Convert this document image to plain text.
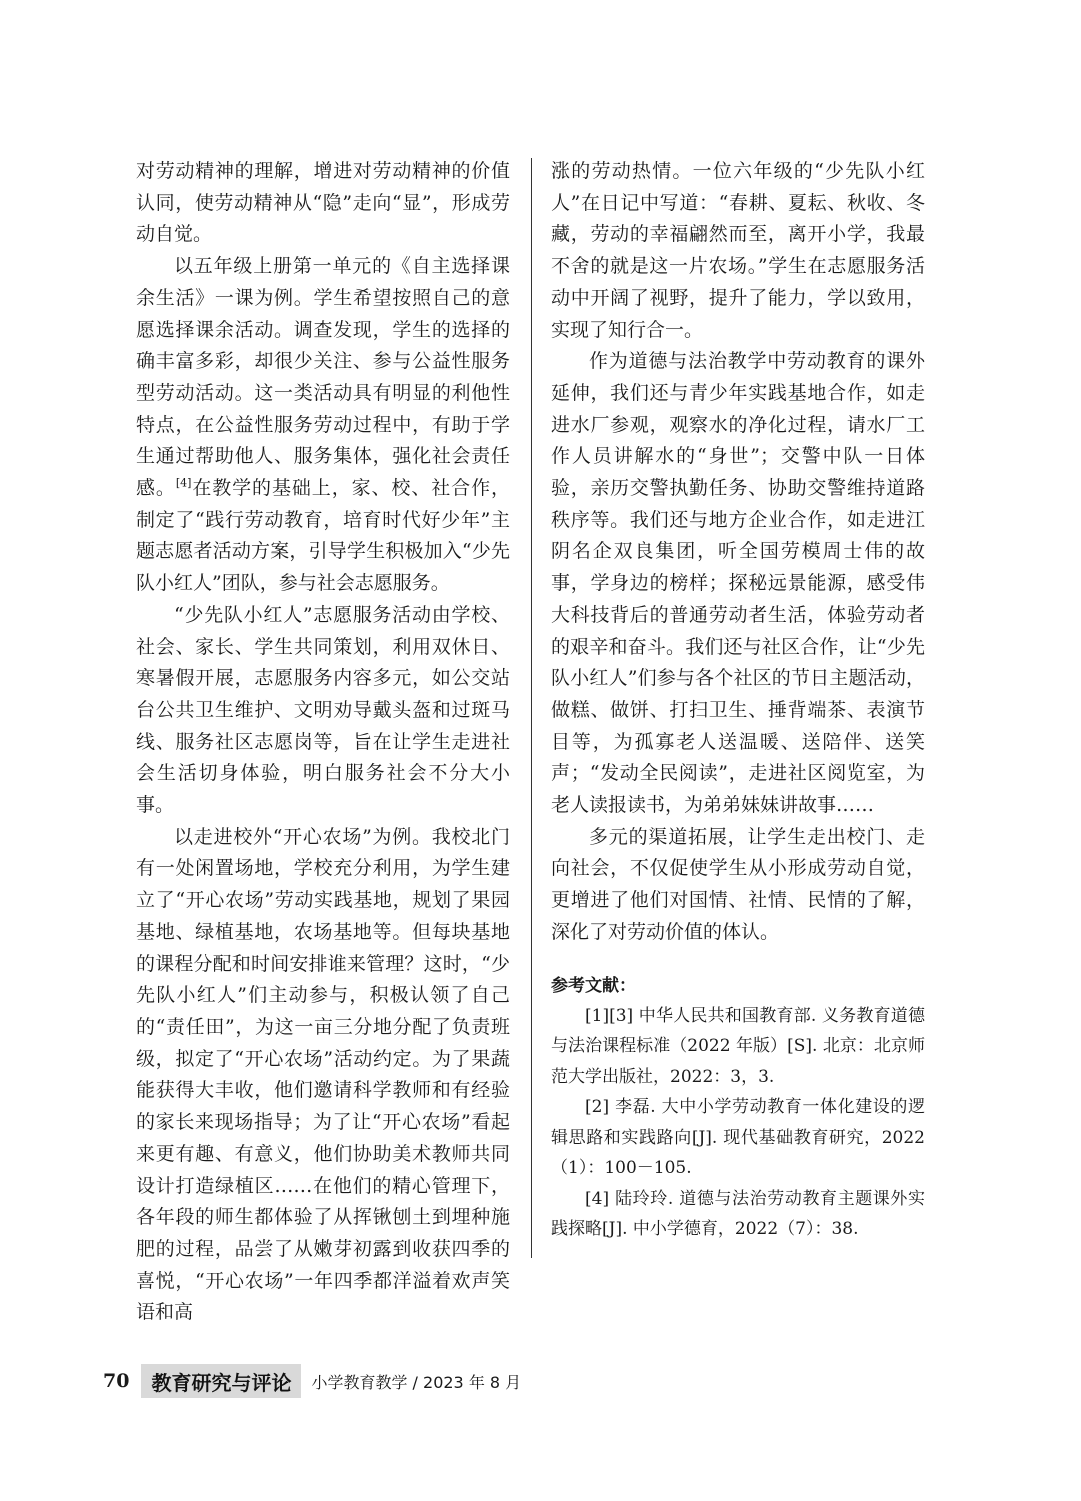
对劳动精神的理解，增进对劳动精神的价值认同，使劳动精神从“隐”走向“显”，形成劳动自觉。

以五年级上册第一单元的《自主选择课余生活》一课为例。学生希望按照自己的意愿选择课余活动。调查发现，学生的选择的确丰富多彩，却很少关注、参与公益性服务型劳动活动。这一类活动具有明显的利他性特点，在公益性服务劳动过程中，有助于学生通过帮助他人、服务集体，强化社会责任感。[4]在教学的基础上，家、校、社合作，制定了“践行劳动教育，培育时代好少年”主题志愿者活动方案，引导学生积极加入“少先队小红人”团队，参与社会志愿服务。

“少先队小红人”志愿服务活动由学校、社会、家长、学生共同策划，利用双休日、寒暑假开展，志愿服务内容多元，如公交站台公共卫生维护、文明劝导戴头盔和过斑马线、服务社区志愿岗等，旨在让学生走进社会生活切身体验，明白服务社会不分大小事。

以走进校外“开心农场”为例。我校北门有一处闲置场地，学校充分利用，为学生建立了“开心农场”劳动实践基地，规划了果园基地、绿植基地，农场基地等。但每块基地的课程分配和时间安排谁来管理？这时，“少先队小红人”们主动参与，积极认领了自己的“责任田”，为这一亩三分地分配了负责班级，拟定了“开心农场”活动约定。为了果蔬能获得大丰收，他们邀请科学教师和有经验的家长来现场指导；为了让“开心农场”看起来更有趣、有意义，他们协助美术教师共同设计打造绿植区……在他们的精心管理下，各年段的师生都体验了从挥锹刨土到埋种施肥的过程，品尝了从嫩芽初露到收获四季的喜悦，“开心农场”一年四季都洋溢着欢声笑语和高

涨的劳动热情。一位六年级的“少先队小红人”在日记中写道：“春耕、夏耘、秋收、冬藏，劳动的幸福翩然而至，离开小学，我最不舍的就是这一片农场。”学生在志愿服务活动中开阔了视野，提升了能力，学以致用，实现了知行合一。

作为道德与法治教学中劳动教育的课外延伸，我们还与青少年实践基地合作，如走进水厂参观，观察水的净化过程，请水厂工作人员讲解水的“身世”；交警中队一日体验，亲历交警执勤任务、协助交警维持道路秩序等。我们还与地方企业合作，如走进江阴名企双良集团，听全国劳模周士伟的故事，学身边的榜样；探秘远景能源，感受伟大科技背后的普通劳动者生活，体验劳动者的艰辛和奋斗。我们还与社区合作，让“少先队小红人”们参与各个社区的节日主题活动，做糕、做饼、打扫卫生、捶背端茶、表演节目等，为孤寡老人送温暖、送陪伴、送笑声；“发动全民阅读”，走进社区阅览室，为老人读报读书，为弟弟妹妹讲故事……

多元的渠道拓展，让学生走出校门、走向社会，不仅促使学生从小形成劳动自觉，更增进了他们对国情、社情、民情的了解，深化了对劳动价值的体认。

参考文献：

[1][3] 中华人民共和国教育部. 义务教育道德与法治课程标准（2022 年版）[S]. 北京：北京师范大学出版社，2022：3，3.

[2] 李磊. 大中小学劳动教育一体化建设的逻辑思路和实践路向[J]. 现代基础教育研究，2022（1）：100－105.

[4] 陆玲玲. 道德与法治劳动教育主题课外实践探略[J]. 中小学德育，2022（7）：38.

70	教育研究与评论	小学教育教学 / 2023 年 8 月
